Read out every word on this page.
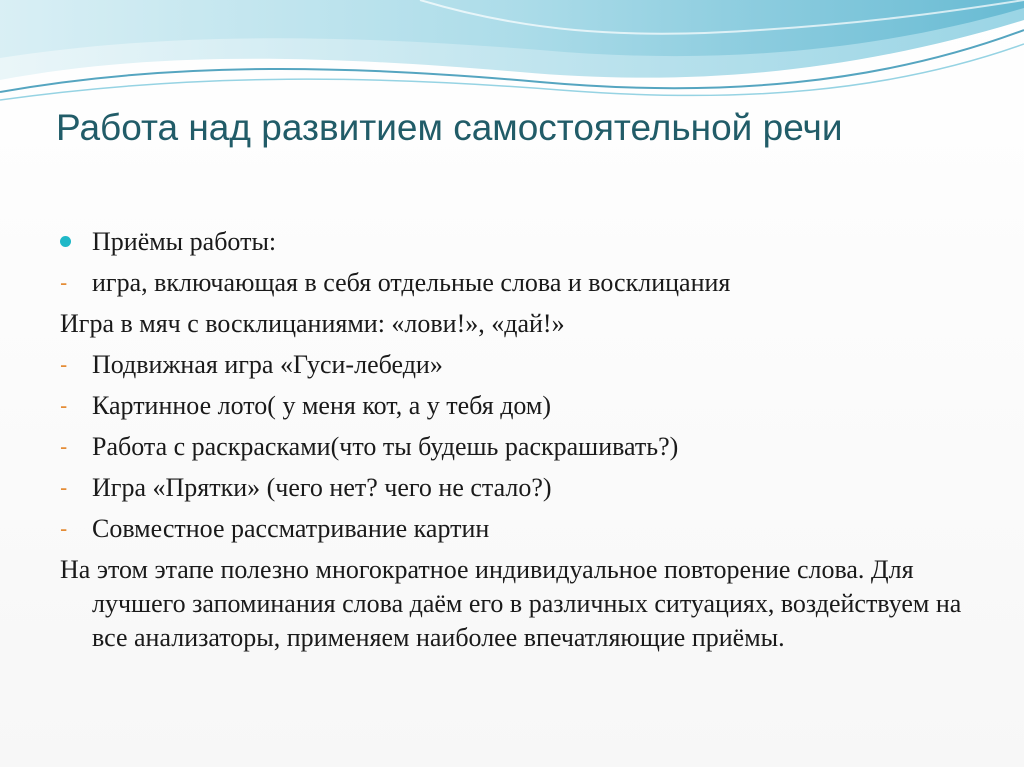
Работа над развитием самостоятельной речи
Приёмы работы:
- игра, включающая в себя отдельные слова и восклицания
Игра в мяч с восклицаниями: «лови!», «дай!»
- Подвижная игра «Гуси-лебеди»
- Картинное лото( у меня кот, а у тебя дом)
- Работа с раскрасками(что ты будешь раскрашивать?)
- Игра «Прятки» (чего нет? чего не стало?)
- Совместное рассматривание картин
На этом этапе полезно многократное индивидуальное повторение слова. Для лучшего запоминания слова даём его в различных ситуациях, воздействуем на все анализаторы, применяем наиболее впечатляющие приёмы.
